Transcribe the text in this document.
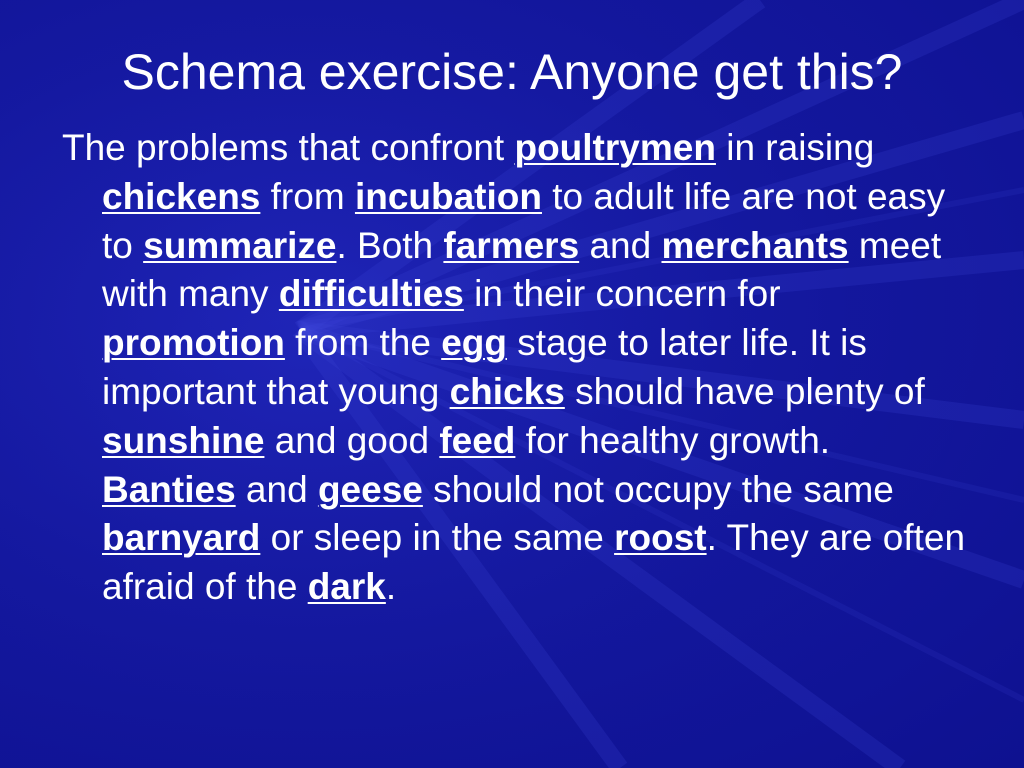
Schema exercise: Anyone get this?

The problems that confront poultrymen in raising chickens from incubation to adult life are not easy to summarize. Both farmers and merchants meet with many difficulties in their concern for promotion from the egg stage to later life. It is important that young chicks should have plenty of sunshine and good feed for healthy growth. Banties and geese should not occupy the same barnyard or sleep in the same roost. They are often afraid of the dark.
